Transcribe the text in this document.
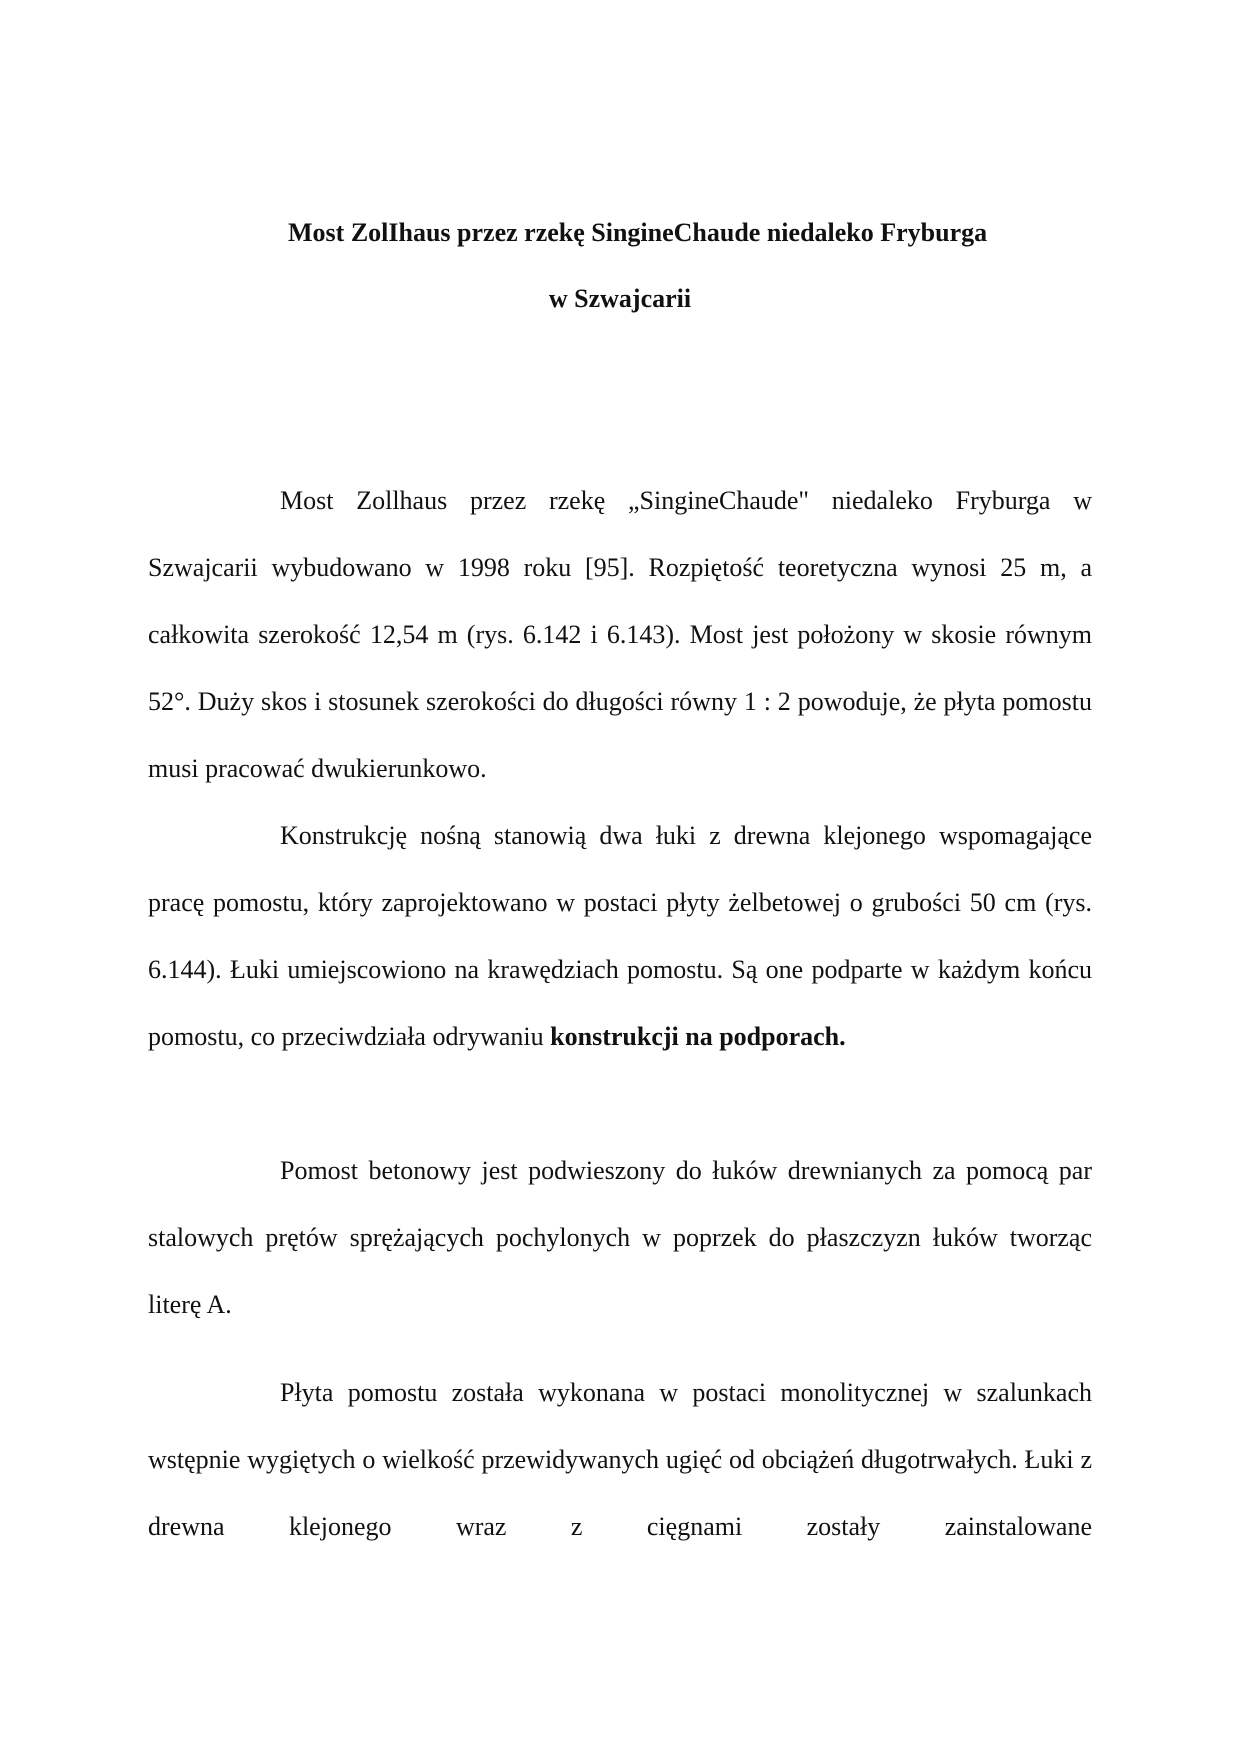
Most ZolIhaus przez rzekę SingineChaude niedaleko Fryburga
w Szwajcarii

Most Zollhaus przez rzekę „SingineChaude" niedaleko Fryburga w Szwajcarii wybudowano w 1998 roku [95]. Rozpiętość teoretyczna wynosi 25 m, a całkowita szerokość 12,54 m (rys. 6.142 i 6.143). Most jest położony w skosie równym 52°. Duży skos i stosunek szerokości do długości równy 1 : 2 powoduje, że płyta pomostu musi pracować dwukierunkowo.

Konstrukcję nośną stanowią dwa łuki z drewna klejonego wspomagające pracę pomostu, który zaprojektowano w postaci płyty żelbetowej o grubości 50 cm (rys. 6.144). Łuki umiejscowiono na krawędziach pomostu. Są one podparte w każdym końcu pomostu, co przeciwdziała odrywaniu konstrukcji na podporach.

Pomost betonowy jest podwieszony do łuków drewnianych za pomocą par stalowych prętów sprężających pochylonych w poprzek do płaszczyzn łuków tworząc literę A.

Płyta pomostu została wykonana w postaci monolitycznej w szalunkach wstępnie wygiętych o wielkość przewidywanych ugięć od obciążeń długotrwałych. Łuki z drewna klejonego wraz z cięgnami zostały zainstalowane
